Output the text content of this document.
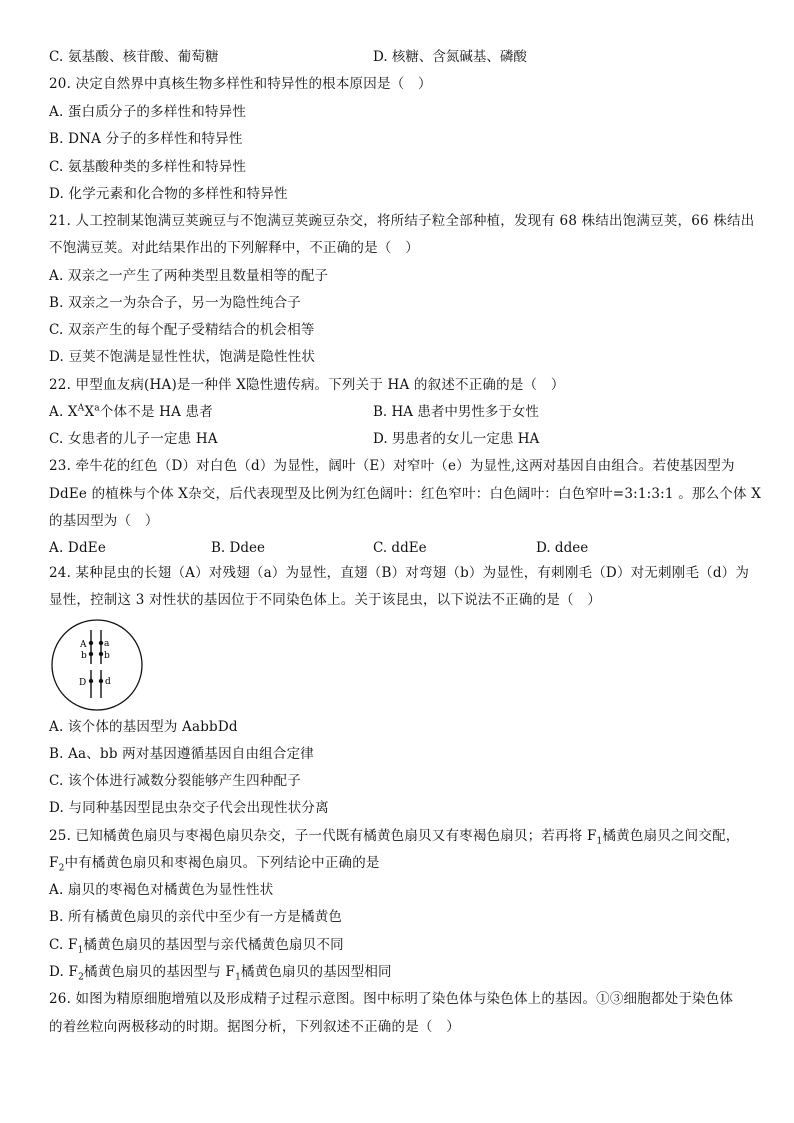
C. 氨基酸、核苷酸、葡萄糖	D. 核糖、含氮碱基、磷酸
20. 决定自然界中真核生物多样性和特异性的根本原因是（　）
A. 蛋白质分子的多样性和特异性
B. DNA 分子的多样性和特异性
C. 氨基酸种类的多样性和特异性
D. 化学元素和化合物的多样性和特异性
21. 人工控制某饱满豆荚豌豆与不饱满豆荚豌豆杂交，将所结子粒全部种植，发现有 68 株结出饱满豆荚，66 株结出
不饱满豆荚。对此结果作出的下列解释中，不正确的是（　）
A. 双亲之一产生了两种类型且数量相等的配子
B. 双亲之一为杂合子，另一为隐性纯合子
C. 双亲产生的每个配子受精结合的机会相等
D. 豆荚不饱满是显性性状，饱满是隐性性状
22. 甲型血友病(HA)是一种伴 X隐性遗传病。下列关于 HA 的叙述不正确的是（　）
A. $X^AX^a$个体不是 HA 患者	B. HA 患者中男性多于女性
C. 女患者的儿子一定患 HA	D. 男患者的女儿一定患 HA
23. 牵牛花的红色（D）对白色（d）为显性，阔叶（E）对窄叶（e）为显性,这两对基因自由组合。若使基因型为
DdEe 的植株与个体 X杂交，后代表现型及比例为红色阔叶：红色窄叶：白色阔叶：白色窄叶=3:1:3:1 。那么个体 X
的基因型为（　）
A. DdEe	B. Ddee	C. ddEe	D. ddee
24. 某种昆虫的长翅（A）对残翅（a）为显性，直翅（B）对弯翅（b）为显性，有刺刚毛（D）对无刺刚毛（d）为
显性，控制这 3 对性状的基因位于不同染色体上。关于该昆虫，以下说法不正确的是（　）
A a
b b
D d
A. 该个体的基因型为 AabbDd
B. Aa、bb 两对基因遵循基因自由组合定律
C. 该个体进行减数分裂能够产生四种配子
D. 与同种基因型昆虫杂交子代会出现性状分离
25. 已知橘黄色扇贝与枣褐色扇贝杂交，子一代既有橘黄色扇贝又有枣褐色扇贝；若再将 $F_1$橘黄色扇贝之间交配，
$F_2$中有橘黄色扇贝和枣褐色扇贝。下列结论中正确的是
A. 扇贝的枣褐色对橘黄色为显性性状
B. 所有橘黄色扇贝的亲代中至少有一方是橘黄色
C. $F_1$橘黄色扇贝的基因型与亲代橘黄色扇贝不同
D. $F_2$橘黄色扇贝的基因型与 $F_1$橘黄色扇贝的基因型相同
26. 如图为精原细胞增殖以及形成精子过程示意图。图中标明了染色体与染色体上的基因。①③细胞都处于染色体
的着丝粒向两极移动的时期。据图分析，下列叙述不正确的是（　）
